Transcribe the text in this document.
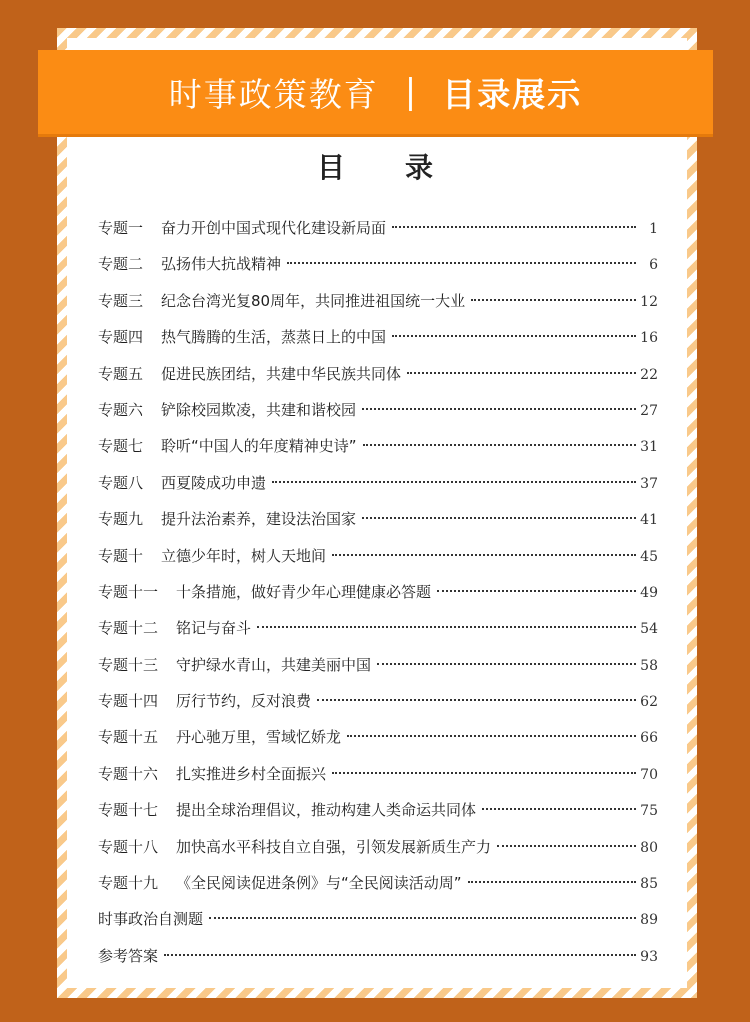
时事政策教育 | 目录展示
目录
专题一 奋力开创中国式现代化建设新局面	1
专题二 弘扬伟大抗战精神	6
专题三 纪念台湾光复80周年，共同推进祖国统一大业	12
专题四 热气腾腾的生活，蒸蒸日上的中国	16
专题五 促进民族团结，共建中华民族共同体	22
专题六 铲除校园欺凌，共建和谐校园	27
专题七 聆听“中国人的年度精神史诗”	31
专题八 西夏陵成功申遗	37
专题九 提升法治素养，建设法治国家	41
专题十 立德少年时，树人天地间	45
专题十一 十条措施，做好青少年心理健康必答题	49
专题十二 铭记与奋斗	54
专题十三 守护绿水青山，共建美丽中国	58
专题十四 厉行节约，反对浪费	62
专题十五 丹心驰万里，雪域忆娇龙	66
专题十六 扎实推进乡村全面振兴	70
专题十七 提出全球治理倡议，推动构建人类命运共同体	75
专题十八 加快高水平科技自立自强，引领发展新质生产力	80
专题十九 《全民阅读促进条例》与“全民阅读活动周”	85
时事政治自测题	89
参考答案	93
